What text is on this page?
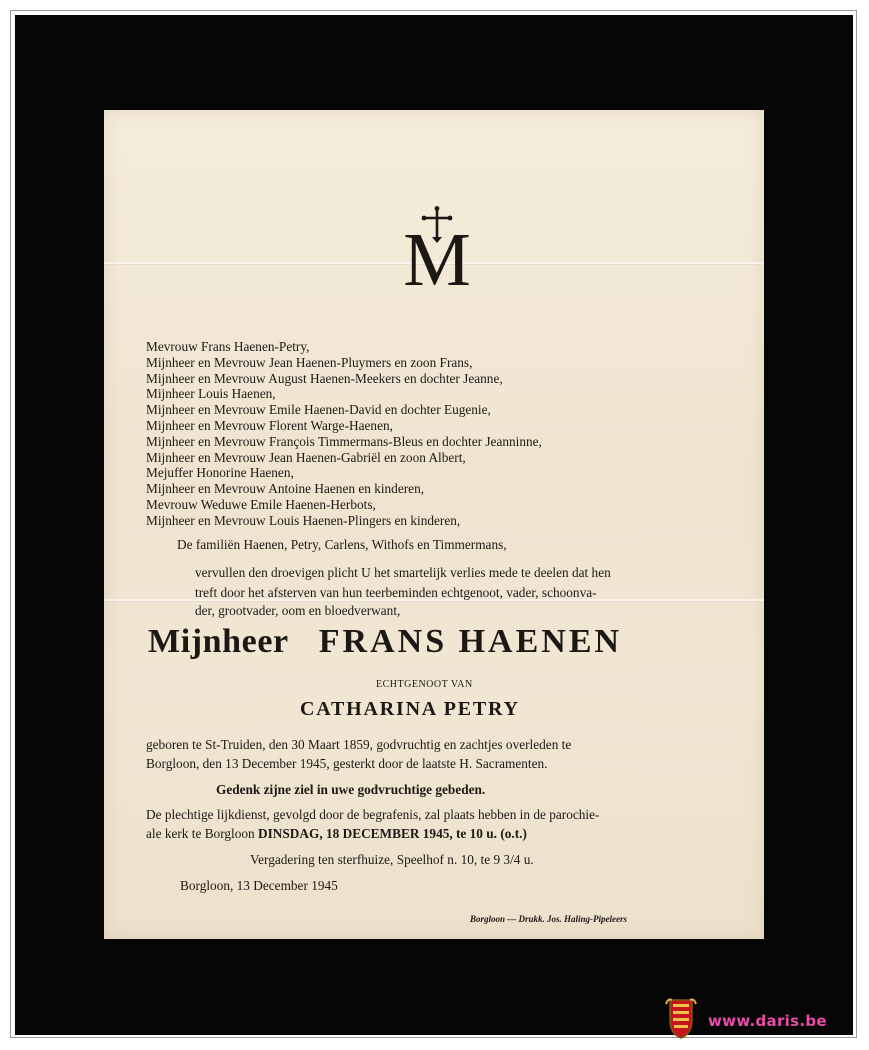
M
Mevrouw Frans Haenen-Petry,
Mijnheer en Mevrouw Jean Haenen-Pluymers en zoon Frans,
Mijnheer en Mevrouw August Haenen-Meekers en dochter Jeanne,
Mijnheer Louis Haenen,
Mijnheer en Mevrouw Emile Haenen-David en dochter Eugenie,
Mijnheer en Mevrouw Florent Warge-Haenen,
Mijnheer en Mevrouw François Timmermans-Bleus en dochter Jeanninne,
Mijnheer en Mevrouw Jean Haenen-Gabriël en zoon Albert,
Mejuffer Honorine Haenen,
Mijnheer en Mevrouw Antoine Haenen en kinderen,
Mevrouw Weduwe Emile Haenen-Herbots,
Mijnheer en Mevrouw Louis Haenen-Plingers en kinderen,
De familiën Haenen, Petry, Carlens, Withofs en Timmermans,
vervullen den droevigen plicht U het smartelijk verlies mede te deelen dat hen
treft door het afsterven van hun teerbeminden echtgenoot, vader, schoonva-
der, grootvader, oom en bloedverwant,
Mijnheer FRANS HAENEN
ECHTGENOOT VAN
CATHARINA PETRY
geboren te St-Truiden, den 30 Maart 1859, godvruchtig en zachtjes overleden te
Borgloon, den 13 December 1945, gesterkt door de laatste H. Sacramenten.
Gedenk zijne ziel in uwe godvruchtige gebeden.
De plechtige lijkdienst, gevolgd door de begrafenis, zal plaats hebben in de parochie-
ale kerk te Borgloon DINSDAG, 18 DECEMBER 1945, te 10 u. (o.t.)
Vergadering ten sterfhuize, Speelhof n. 10, te 9 3/4 u.
Borgloon, 13 December 1945
Borgloon — Drukk. Jos. Haling-Pipeleers
www.daris.be
